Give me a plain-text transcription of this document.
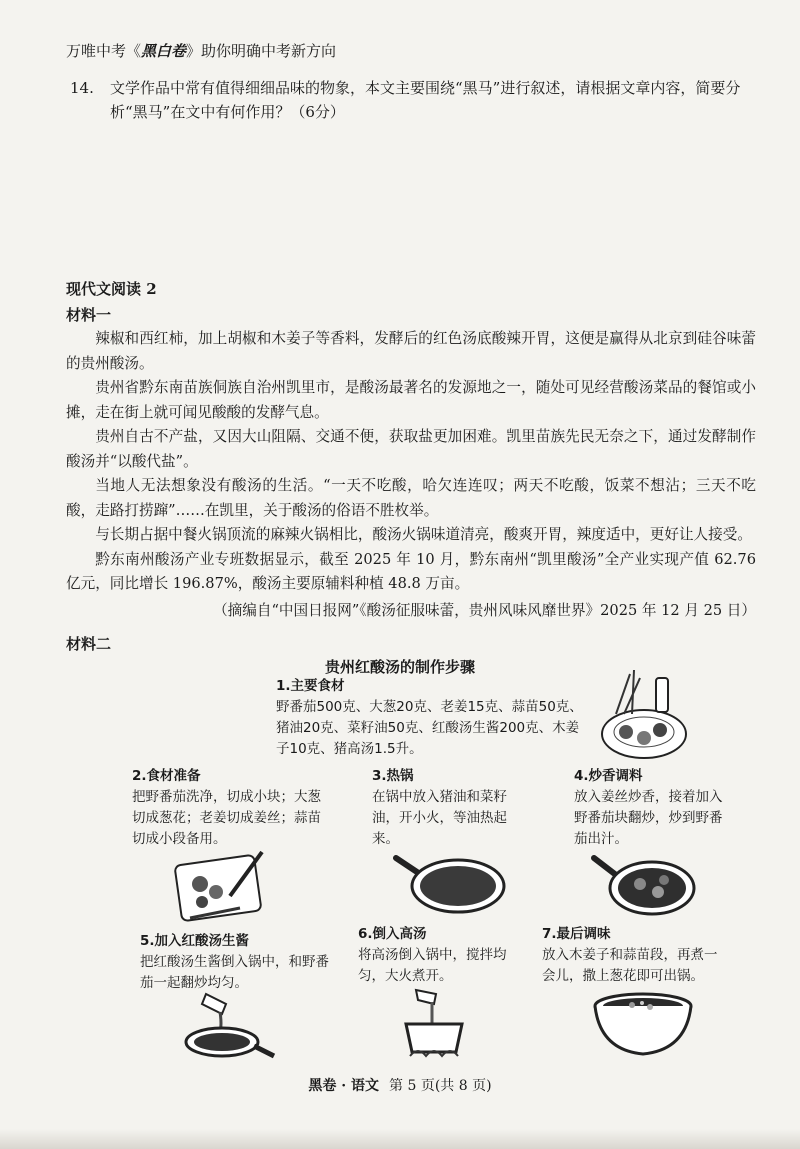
万唯中考《黑白卷》助你明确中考新方向
14.	文学作品中常有值得细细品味的物象，本文主要围绕“黑马”进行叙述，请根据文章内容，简要分析“黑马”在文中有何作用？（6分）
现代文阅读 2
材料一

辣椒和西红柿，加上胡椒和木姜子等香料，发酵后的红色汤底酸辣开胃，这便是赢得从北京到硅谷味蕾的贵州酸汤。

贵州省黔东南苗族侗族自治州凯里市，是酸汤最著名的发源地之一，随处可见经营酸汤菜品的餐馆或小摊，走在街上就可闻见酸酸的发酵气息。

贵州自古不产盐，又因大山阻隔、交通不便，获取盐更加困难。凯里苗族先民无奈之下，通过发酵制作酸汤并“以酸代盐”。

当地人无法想象没有酸汤的生活。“一天不吃酸，哈欠连连叹；两天不吃酸，饭菜不想沾；三天不吃酸，走路打捞蹿”……在凯里，关于酸汤的俗语不胜枚举。

与长期占据中餐火锅顶流的麻辣火锅相比，酸汤火锅味道清亮，酸爽开胃，辣度适中，更好让人接受。

黔东南州酸汤产业专班数据显示，截至 2025 年 10 月，黔东南州“凯里酸汤”全产业实现产值 62.76 亿元，同比增长 196.87%，酸汤主要原辅料种植 48.8 万亩。

（摘编自“中国日报网”《酸汤征服味蕾，贵州风味风靡世界》2025 年 12 月 25 日）

材料二
贵州红酸汤的制作步骤
1.主要食材
野番茄500克、大葱20克、老姜15克、蒜苗50克、猪油20克、菜籽油50克、红酸汤生酱200克、木姜子10克、猪高汤1.5升。
2.食材准备
把野番茄洗净，切成小块；大葱切成葱花；老姜切成姜丝；蒜苗切成小段备用。
3.热锅
在锅中放入猪油和菜籽油，开小火，等油热起来。
4.炒香调料
放入姜丝炒香，接着加入野番茄块翻炒，炒到野番茄出汁。
5.加入红酸汤生酱
把红酸汤生酱倒入锅中，和野番茄一起翻炒均匀。
6.倒入高汤
将高汤倒入锅中，搅拌均匀，大火煮开。
7.最后调味
放入木姜子和蒜苗段，再煮一会儿，撒上葱花即可出锅。
黑卷 · 语文 第 5 页(共 8 页)
